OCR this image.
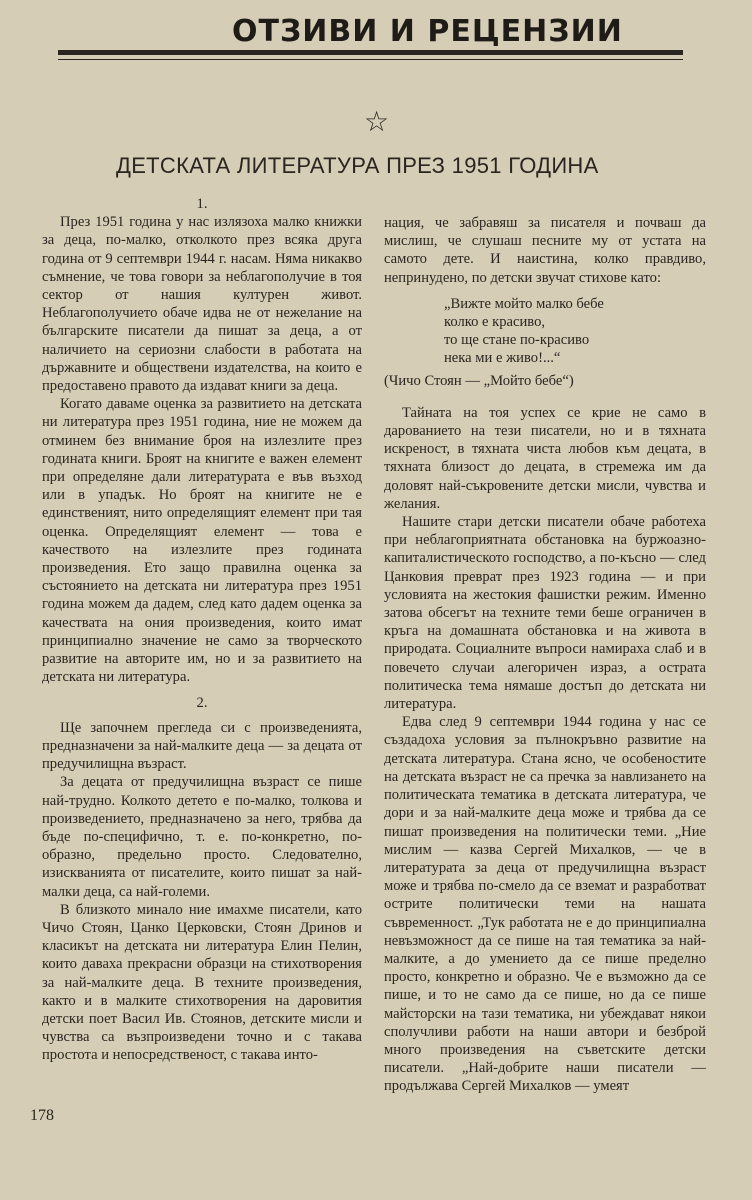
ОТЗИВИ И РЕЦЕНЗИИ
☆
ДЕТСКАТА ЛИТЕРАТУРА ПРЕЗ 1951 ГОДИНА

1.

През 1951 година у нас излязоха малко книжки за деца, по-малко, отколкото през всяка друга година от 9 септември 1944 г. насам. Няма никакво съмнение, че това говори за неблагополучие в тоя сектор от нашия културен живот. Неблагополучието обаче идва не от нежелание на българските писатели да пишат за деца, а от наличието на сериозни слабости в работата на държавните и обществени издателства, на които е предоставено правото да издават книги за деца.

Когато даваме оценка за развитието на детската ни литература през 1951 година, ние не можем да отминем без внимание броя на излезлите през годината книги. Броят на книгите е важен елемент при определяне дали литературата е във възход или в упадък. Но броят на книгите не е единственият, нито определящият елемент при тая оценка. Определящият елемент — това е качеството на излезлите през годината произведения. Ето защо правилна оценка за състоянието на детската ни литература през 1951 година можем да дадем, след като дадем оценка за качествата на ония произведения, които имат принципиално значение не само за творческото развитие на авторите им, но и за развитието на детската ни литература.

2.

Ще започнем прегледа си с произведенията, предназначени за най-малките деца — за децата от предучилищна възраст.

За децата от предучилищна възраст се пише най-трудно. Колкото детето е по-малко, толкова и произведението, предназначено за него, трябва да бъде по-специфично, т. е. по-конкретно, по-образно, предельно просто. Следователно, изискванията от писателите, които пишат за най-малки деца, са най-големи.

В близкото минало ние имахме писатели, като Чичо Стоян, Цанко Церковски, Стоян Дринов и класикът на детската ни литература Елин Пелин, които даваха прекрасни образци на стихотворения за най-малките деца. В техните произведения, както и в малките стихотворения на даровития детски поет Васил Ив. Стоянов, детските мисли и чувства са възпроизведени точно и с такава простота и непосредственост, с такава инто-

нация, че забравяш за писателя и почваш да мислиш, че слушаш песните му от устата на самото дете. И наистина, колко правдиво, непринудено, по детски звучат стихове като:

„Вижте мойто малко бебе
колко е красиво,
то ще стане по-красиво
нека ми е живо!...“

(Чичо Стоян — „Мойто бебе“)

Тайната на тоя успех се крие не само в дарованието на тези писатели, но и в тяхната искреност, в тяхната чиста любов към децата, в тяхната близост до децата, в стремежа им да доловят най-съкровените детски мисли, чувства и желания.

Нашите стари детски писатели обаче работеха при неблагоприятната обстановка на буржоазно-капиталистическото господство, а по-късно — след Цанковия преврат през 1923 година — и при условията на жестокия фашистки режим. Именно затова обсегът на техните теми беше ограничен в кръга на домашната обстановка и на живота в природата. Социалните въпроси намираха слаб и в повечето случаи алегоричен израз, а острата политическа тема нямаше достъп до детската ни литература.

Едва след 9 септември 1944 година у нас се създадоха условия за пълнокръвно развитие на детската литература. Стана ясно, че особеностите на детската възраст не са пречка за навлизането на политическата тематика в детската литература, че дори и за най-малките деца може и трябва да се пишат произведения на политически теми. „Ние мислим — казва Сергей Михалков, — че в литературата за деца от предучилищна възраст може и трябва по-смело да се вземат и разработват острите политически теми на нашата съвременност. „Тук работата не е до принципиална невъзможност да се пише на тая тематика за най-малките, а до умението да се пише пределно просто, конкретно и образно. Че е възможно да се пише, и то не само да се пише, но да се пише майсторски на тази тематика, ни убеждават някои сполучливи работи на наши автори и безброй много произведения на съветските детски писатели. „Най-добрите наши писатели — продължава Сергей Михалков — умеят

178
